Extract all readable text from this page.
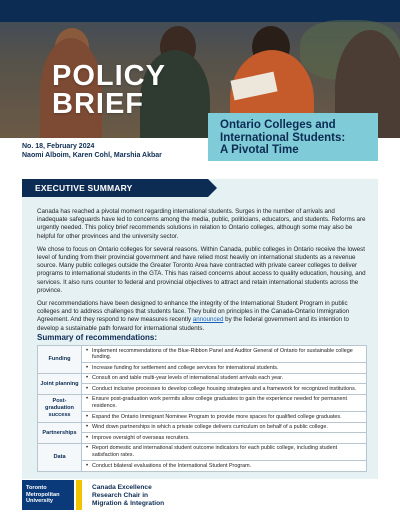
POLICY
BRIEF
Ontario Colleges and
International Students:
A Pivotal Time
No. 18, February 2024
Naomi Alboim, Karen Cohl, Marshia Akbar
EXECUTIVE SUMMARY

Canada has reached a pivotal moment regarding international students. Surges in the number of arrivals and inadequate safeguards have led to concerns among the media, public, politicians, educators, and students. Reforms are urgently needed. This policy brief recommends solutions in relation to Ontario colleges, although some may also be helpful for other provinces and the university sector.

We chose to focus on Ontario colleges for several reasons. Within Canada, public colleges in Ontario receive the lowest level of funding from their provincial government and have relied most heavily on international students as a revenue source. Many public colleges outside the Greater Toronto Area have contracted with private career colleges to deliver programs to international students in the GTA. This has raised concerns about access to quality education, housing, and services. It also runs counter to federal and provincial objectives to attract and retain international students across the province.

Our recommendations have been designed to enhance the integrity of the International Student Program in public colleges and to address challenges that students face. They build on principles in the Canada-Ontario Immigration Agreement. And they respond to new measures recently announced by the federal government and its intention to develop a sustainable path forward for international students.

Summary of recommendations:
Funding	• Implement recommendations of the Blue-Ribbon Panel and Auditor General of Ontario for sustainable college funding.
	• Increase funding for settlement and college services for international students.
Joint planning	• Consult on and table multi-year levels of international student arrivals each year.
	• Conduct inclusive processes to develop college housing strategies and a framework for recognized institutions.
Post-graduation success	• Ensure post-graduation work permits allow college graduates to gain the experience needed for permanent residence.
	• Expand the Ontario Immigrant Nominee Program to provide more spaces for qualified college graduates.
Partnerships	• Wind down partnerships in which a private college delivers curriculum on behalf of a public college.
	• Improve oversight of overseas recruiters.
Data	• Report domestic and international student outcome indicators for each public college, including student satisfaction rates.
	• Conduct bilateral evaluations of the International Student Program.
Toronto
Metropolitan
University
Canada Excellence
Research Chair in
Migration & Integration
